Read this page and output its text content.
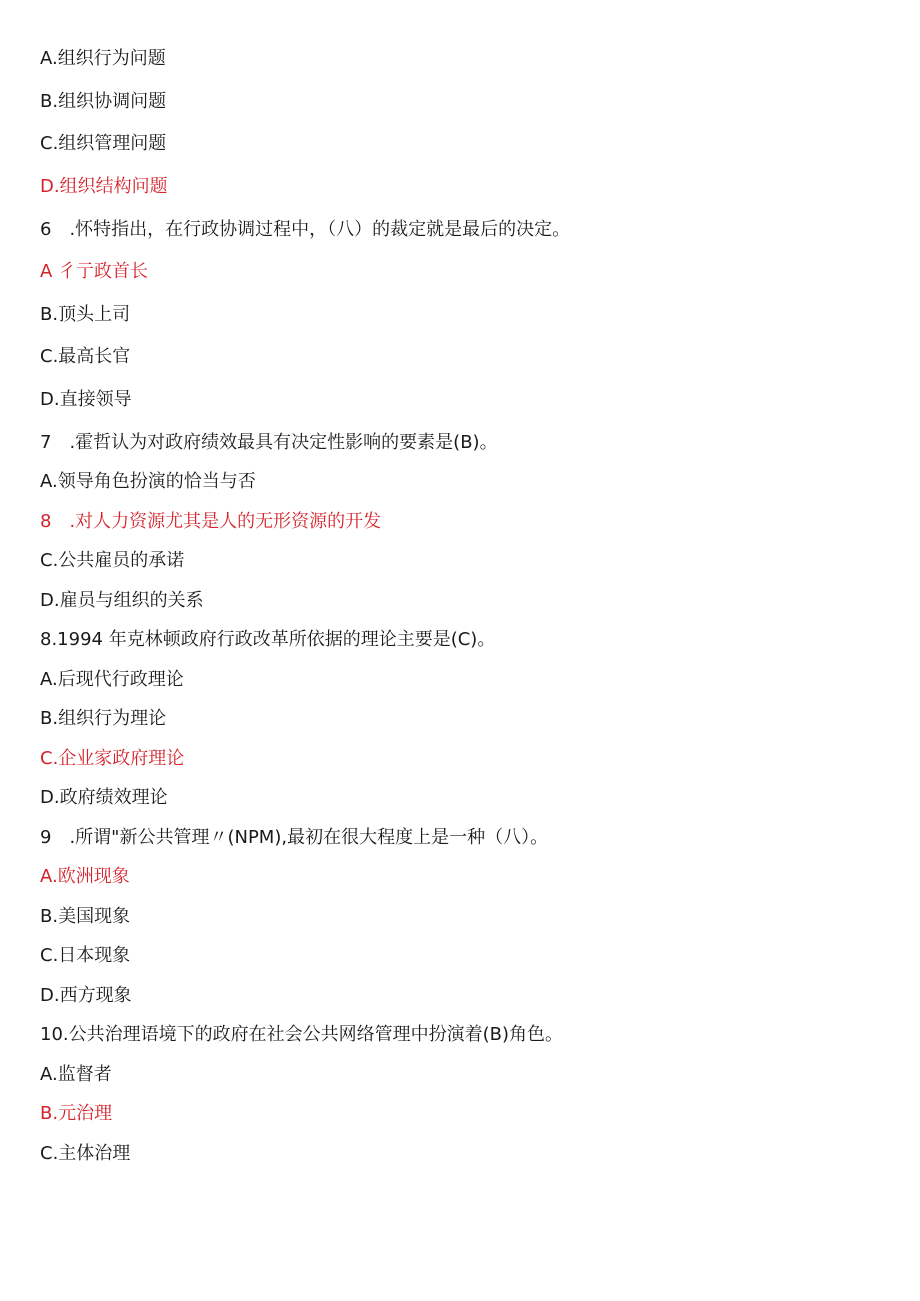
A.组织行为问题
B.组织协调问题
C.组织管理问题
D.组织结构问题
6　.怀特指出，在行政协调过程中，（八）的裁定就是最后的决定。
A 彳亍政首长
B.顶头上司
C.最高长官
D.直接领导
7　.霍哲认为对政府绩效最具有决定性影响的要素是(B)。
A.领导角色扮演的恰当与否
8　.对人力资源尤其是人的无形资源的开发
C.公共雇员的承诺
D.雇员与组织的关系
8.1994 年克林顿政府行政改革所依据的理论主要是(C)。
A.后现代行政理论
B.组织行为理论
C.企业家政府理论
D.政府绩效理论
9　.所谓"新公共管理〃(NPM),最初在很大程度上是一种（八）。
A.欧洲现象
B.美国现象
C.日本现象
D.西方现象
10.公共治理语境下的政府在社会公共网络管理中扮演着(B)角色。
A.监督者
B.元治理
C.主体治理
